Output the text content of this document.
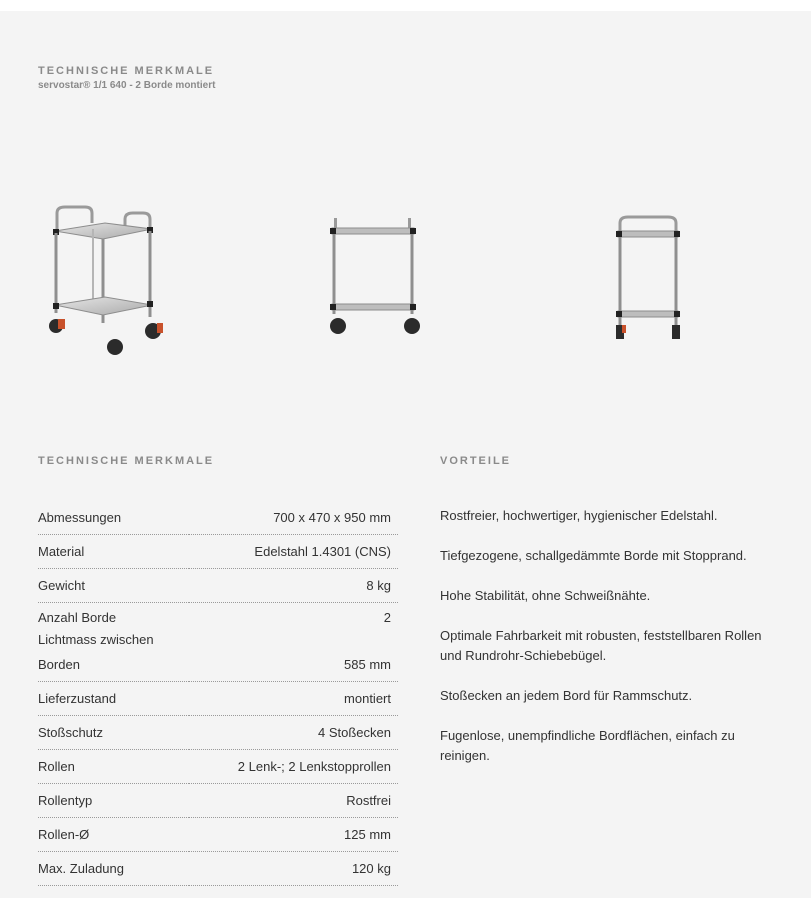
TECHNISCHE MERKMALE
servostar® 1/1 640 - 2 Borde montiert
TECHNISCHE MERKMALE	VORTEILE
Abmessungen	700 x 470 x 950 mm
Material	Edelstahl 1.4301 (CNS)
Gewicht	8 kg
Anzahl Borde	2
Lichtmass zwischen	
Borden	585 mm
Lieferzustand	montiert
Stoßschutz	4 Stoßecken
Rollen	2 Lenk-; 2 Lenkstopprollen
Rollentyp	Rostfrei
Rollen-Ø	125 mm
Max. Zuladung	120 kg

Rostfreier, hochwertiger, hygienischer Edelstahl.

Tiefgezogene, schallgedämmte Borde mit Stopprand.

Hohe Stabilität, ohne Schweißnähte.

Optimale Fahrbarkeit mit robusten, feststellbaren Rollen und Rundrohr-Schiebebügel.

Stoßecken an jedem Bord für Rammschutz.

Fugenlose, unempfindliche Bordflächen, einfach zu reinigen.
